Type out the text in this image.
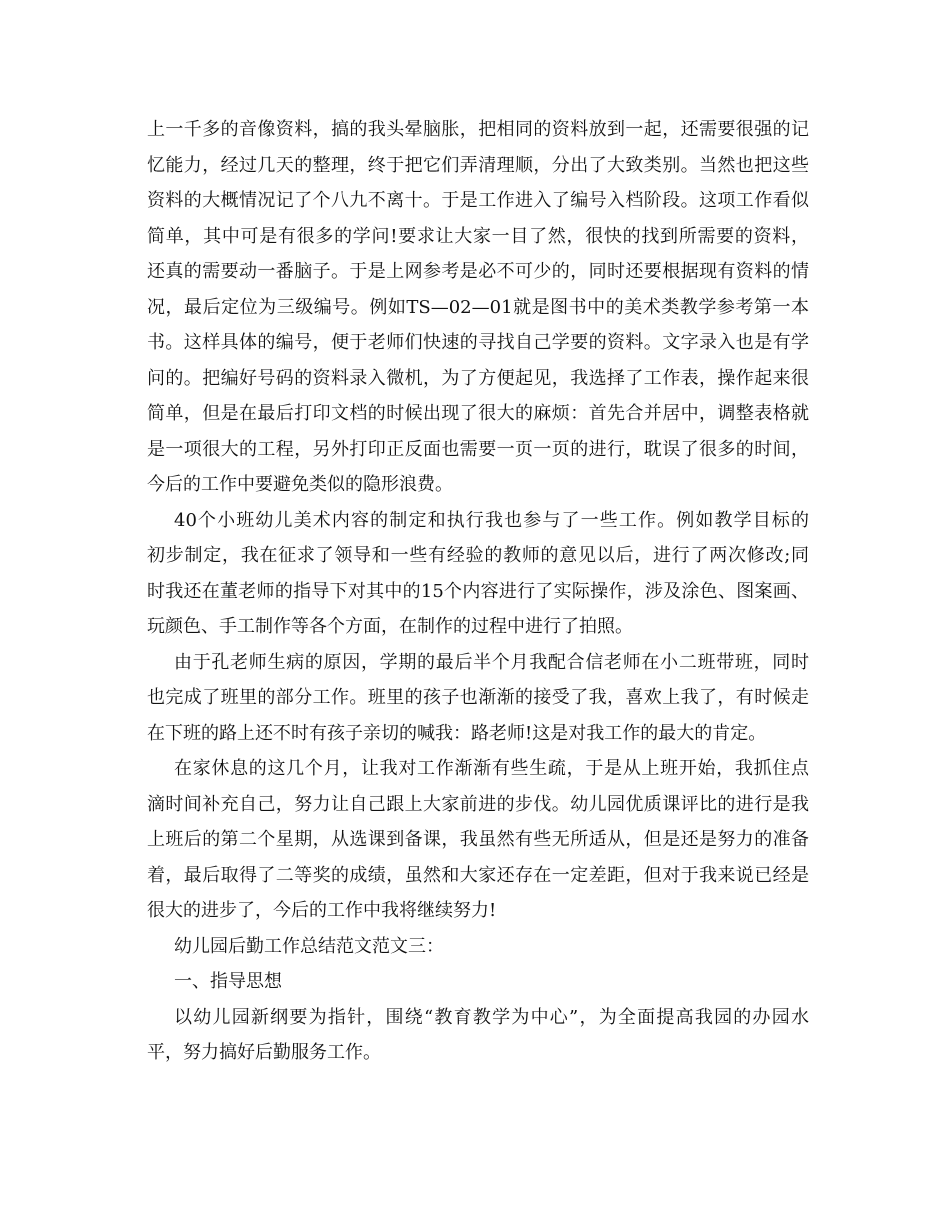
上一千多的音像资料，搞的我头晕脑胀，把相同的资料放到一起，还需要很强的记
忆能力，经过几天的整理，终于把它们弄清理顺，分出了大致类别。当然也把这些
资料的大概情况记了个八九不离十。于是工作进入了编号入档阶段。这项工作看似
简单，其中可是有很多的学问!要求让大家一目了然，很快的找到所需要的资料，
还真的需要动一番脑子。于是上网参考是必不可少的，同时还要根据现有资料的情
况，最后定位为三级编号。例如TS—02—01就是图书中的美术类教学参考第一本
书。这样具体的编号，便于老师们快速的寻找自己学要的资料。文字录入也是有学
问的。把编好号码的资料录入微机，为了方便起见，我选择了工作表，操作起来很
简单，但是在最后打印文档的时候出现了很大的麻烦：首先合并居中，调整表格就
是一项很大的工程，另外打印正反面也需要一页一页的进行，耽误了很多的时间，
今后的工作中要避免类似的隐形浪费。
40个小班幼儿美术内容的制定和执行我也参与了一些工作。例如教学目标的
初步制定，我在征求了领导和一些有经验的教师的意见以后，进行了两次修改;同
时我还在董老师的指导下对其中的15个内容进行了实际操作，涉及涂色、图案画、
玩颜色、手工制作等各个方面，在制作的过程中进行了拍照。
由于孔老师生病的原因，学期的最后半个月我配合信老师在小二班带班，同时
也完成了班里的部分工作。班里的孩子也渐渐的接受了我，喜欢上我了，有时候走
在下班的路上还不时有孩子亲切的喊我：路老师!这是对我工作的最大的肯定。
在家休息的这几个月，让我对工作渐渐有些生疏，于是从上班开始，我抓住点
滴时间补充自己，努力让自己跟上大家前进的步伐。幼儿园优质课评比的进行是我
上班后的第二个星期，从选课到备课，我虽然有些无所适从，但是还是努力的准备
着，最后取得了二等奖的成绩，虽然和大家还存在一定差距，但对于我来说已经是
很大的进步了，今后的工作中我将继续努力!
幼儿园后勤工作总结范文范文三：
一、指导思想
以幼儿园新纲要为指针，围绕“教育教学为中心”，为全面提高我园的办园水
平，努力搞好后勤服务工作。
